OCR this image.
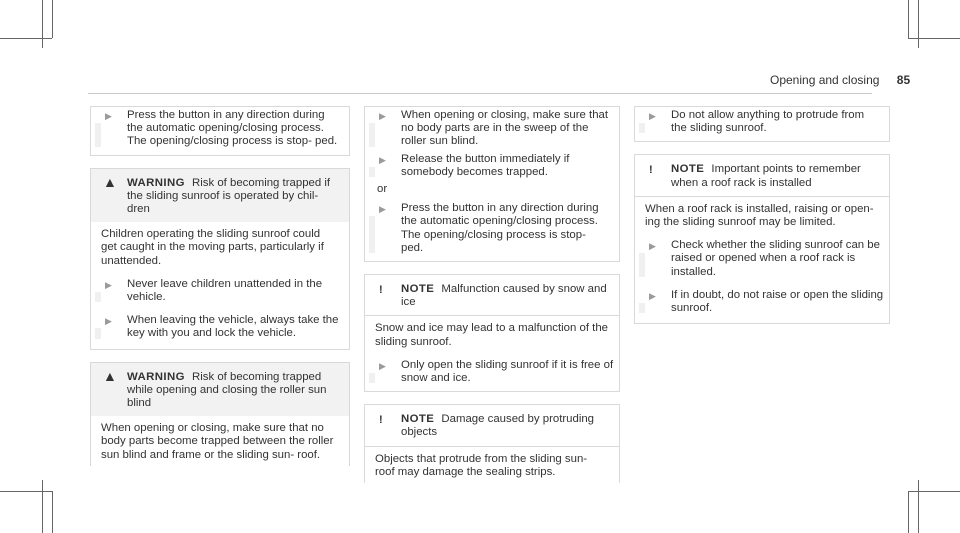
Opening and closing 85
▶ Press the button in any direction during the automatic opening/closing process. The opening/closing process is stop- ped.
▲ WARNING Risk of becoming trapped if the sliding sunroof is operated by chil- dren
Children operating the sliding sunroof could get caught in the moving parts, particularly if unattended.
▶ Never leave children unattended in the vehicle.
▶ When leaving the vehicle, always take the key with you and lock the vehicle.
▲ WARNING Risk of becoming trapped while opening and closing the roller sun blind
When opening or closing, make sure that no body parts become trapped between the roller sun blind and frame or the sliding sun- roof.
▶ When opening or closing, make sure that no body parts are in the sweep of the roller sun blind.
▶ Release the button immediately if somebody becomes trapped.
or
▶ Press the button in any direction during the automatic opening/closing process. The opening/closing process is stop- ped.
! NOTE Malfunction caused by snow and ice
Snow and ice may lead to a malfunction of the sliding sunroof.
▶ Only open the sliding sunroof if it is free of snow and ice.
! NOTE Damage caused by protruding objects
Objects that protrude from the sliding sun- roof may damage the sealing strips.
▶ Do not allow anything to protrude from the sliding sunroof.
! NOTE Important points to remember when a roof rack is installed
When a roof rack is installed, raising or open- ing the sliding sunroof may be limited.
▶ Check whether the sliding sunroof can be raised or opened when a roof rack is installed.
▶ If in doubt, do not raise or open the sliding sunroof.
